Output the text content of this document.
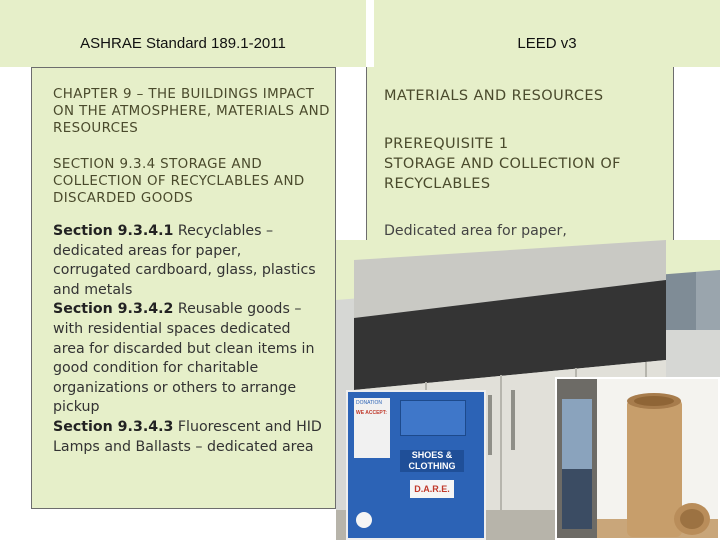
ASHRAE Standard 189.1-2011	LEED v3
CHAPTER 9 – THE BUILDINGS IMPACT ON THE ATMOSPHERE, MATERIALS AND RESOURCES
SECTION 9.3.4 STORAGE AND COLLECTION OF RECYCLABLES AND DISCARDED GOODS
Section 9.3.4.1 Recyclables – dedicated areas for paper, corrugated cardboard, glass, plastics and metals
Section 9.3.4.2 Reusable goods – with residential spaces dedicated area for discarded but clean items in good condition for charitable organizations or others to arrange pickup
Section 9.3.4.3 Fluorescent and HID Lamps and Ballasts – dedicated area
MATERIALS AND RESOURCES
PREREQUISITE 1
STORAGE AND COLLECTION OF RECYCLABLES
Dedicated area for paper,
DONATION
WE ACCEPT:
SHOES & CLOTHING
D.A.R.E.
